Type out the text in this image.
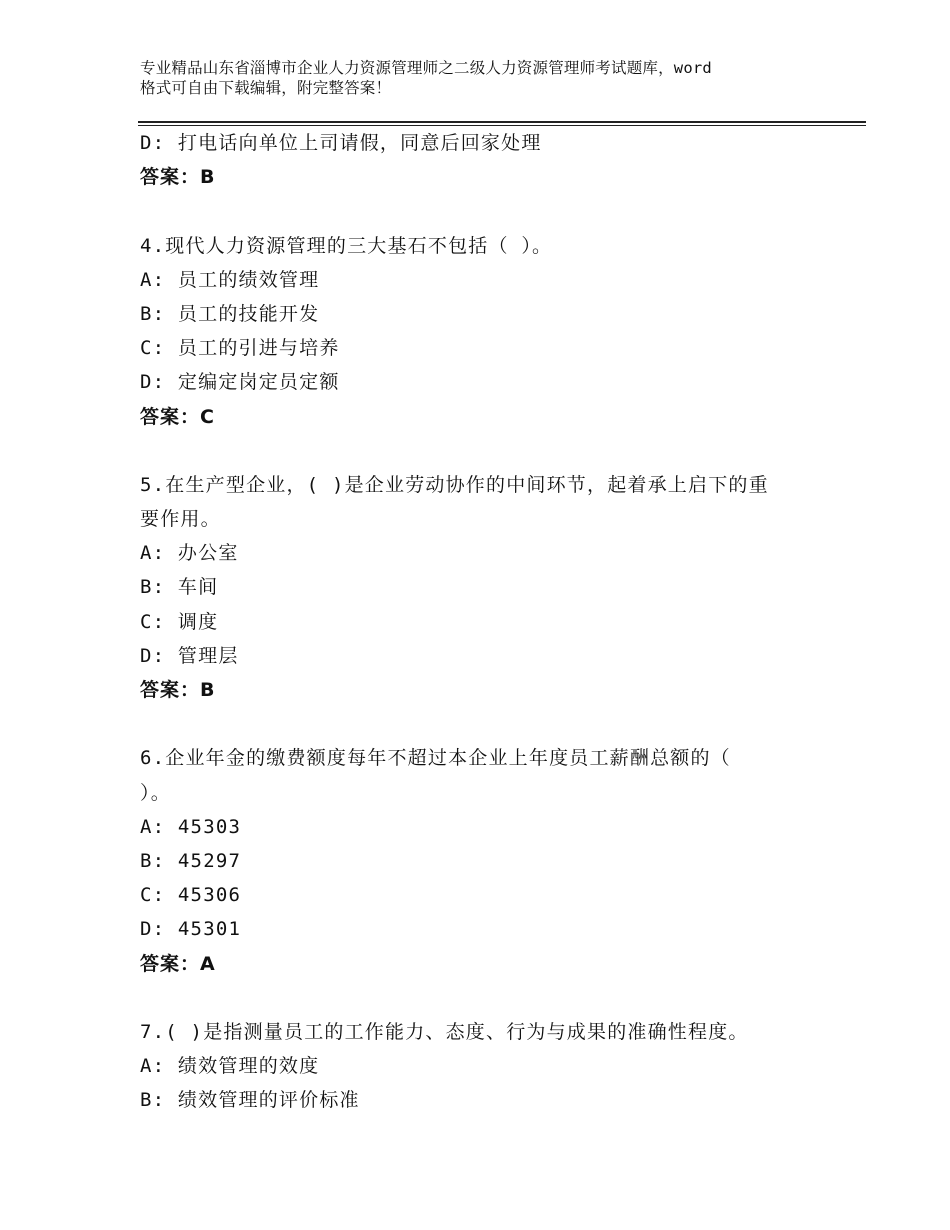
专业精品山东省淄博市企业人力资源管理师之二级人力资源管理师考试题库，word
格式可自由下载编辑，附完整答案！
D: 打电话向单位上司请假，同意后回家处理
答案：B
4.现代人力资源管理的三大基石不包括（ ）。
A: 员工的绩效管理
B: 员工的技能开发
C: 员工的引进与培养
D: 定编定岗定员定额
答案：C
5.在生产型企业，( )是企业劳动协作的中间环节，起着承上启下的重
要作用。
A: 办公室
B: 车间
C: 调度
D: 管理层
答案：B
6.企业年金的缴费额度每年不超过本企业上年度员工薪酬总额的（
）。
A: 45303
B: 45297
C: 45306
D: 45301
答案：A
7.( )是指测量员工的工作能力、态度、行为与成果的准确性程度。
A: 绩效管理的效度
B: 绩效管理的评价标准
